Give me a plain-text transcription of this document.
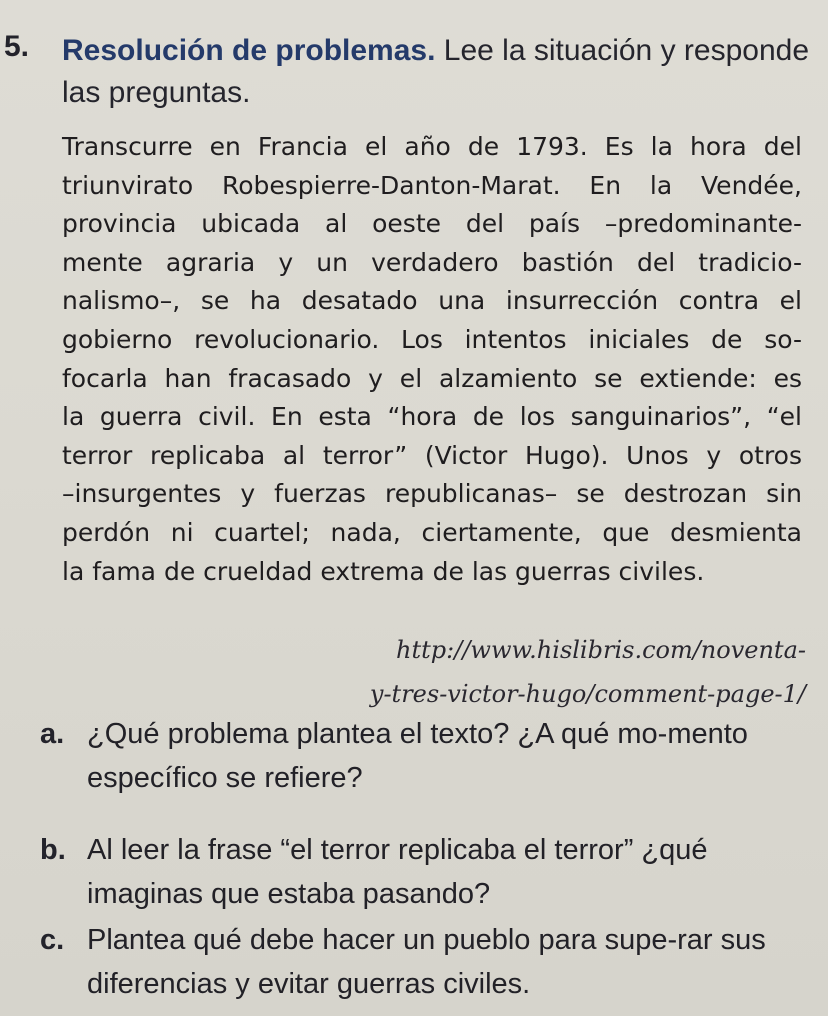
5. Resolución de problemas. Lee la situación y responde las preguntas.
Transcurre en Francia el año de 1793. Es la hora del
triunvirato Robespierre-Danton-Marat. En la Vendée,
provincia ubicada al oeste del país –predominante-
mente agraria y un verdadero bastión del tradicio-
nalismo–, se ha desatado una insurrección contra el
gobierno revolucionario. Los intentos iniciales de so-
focarla han fracasado y el alzamiento se extiende: es
la guerra civil. En esta “hora de los sanguinarios”, “el
terror replicaba al terror” (Victor Hugo). Unos y otros
–insurgentes y fuerzas republicanas– se destrozan sin
perdón ni cuartel; nada, ciertamente, que desmienta
la fama de crueldad extrema de las guerras civiles.
http://www.hislibris.com/noventa-
y-tres-victor-hugo/comment-page-1/
a. ¿Qué problema plantea el texto? ¿A qué mo-mento específico se refiere?
b. Al leer la frase “el terror replicaba el terror” ¿qué imaginas que estaba pasando?
c. Plantea qué debe hacer un pueblo para supe-rar sus diferencias y evitar guerras civiles.
